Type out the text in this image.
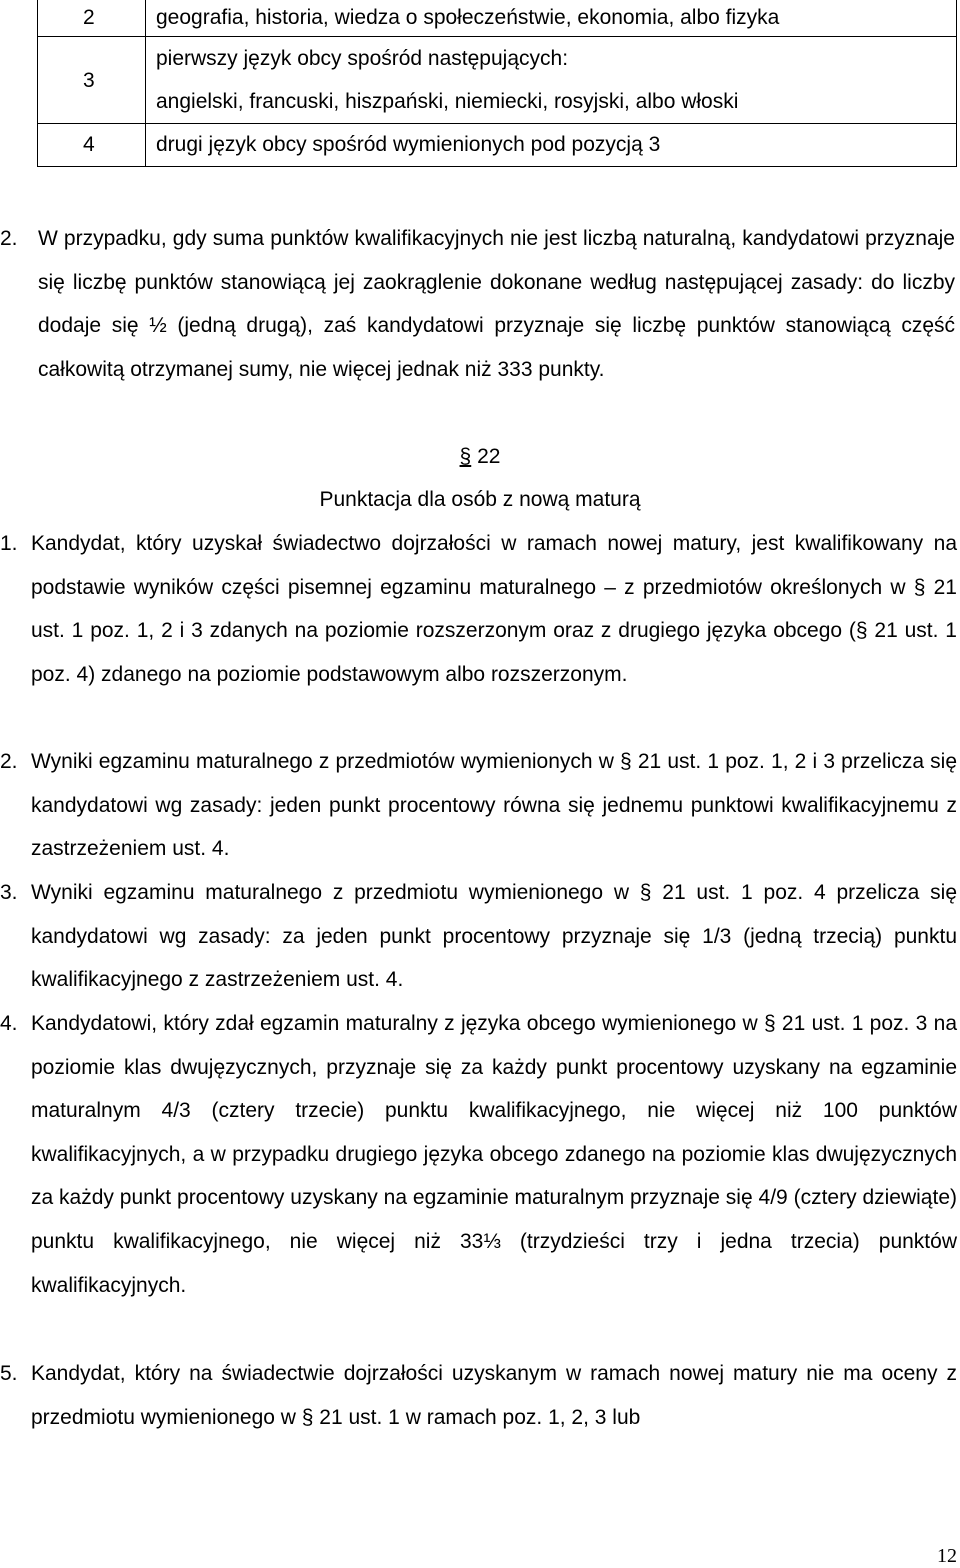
2	geografia, historia, wiedza o społeczeństwie, ekonomia, albo fizyka
3	pierwszy język obcy spośród następujących:
angielski, francuski, hiszpański, niemiecki, rosyjski, albo włoski

4	drugi język obcy spośród wymienionych pod pozycją 3

2. W przypadku, gdy suma punktów kwalifikacyjnych nie jest liczbą naturalną, kandydatowi przyznaje się liczbę punktów stanowiącą jej zaokrąglenie dokonane według następującej zasady: do liczby dodaje się ½ (jedną drugą), zaś kandydatowi przyznaje się liczbę punktów stanowiącą część całkowitą otrzymanej sumy, nie więcej jednak niż 333 punkty.

§ 22
Punktacja dla osób z nową maturą
1. Kandydat, który uzyskał świadectwo dojrzałości w ramach nowej matury, jest kwalifikowany na podstawie wyników części pisemnej egzaminu maturalnego – z przedmiotów określonych w § 21 ust. 1 poz. 1, 2 i 3 zdanych na poziomie rozszerzonym oraz z drugiego języka obcego (§ 21 ust. 1 poz. 4) zdanego na poziomie podstawowym albo rozszerzonym.
2. Wyniki egzaminu maturalnego z przedmiotów wymienionych w § 21 ust. 1 poz. 1, 2 i 3 przelicza się kandydatowi wg zasady: jeden punkt procentowy równa się jednemu punktowi kwalifikacyjnemu z zastrzeżeniem ust. 4.
3. Wyniki egzaminu maturalnego z przedmiotu wymienionego w § 21 ust. 1 poz. 4 przelicza się kandydatowi wg zasady: za jeden punkt procentowy przyznaje się 1/3 (jedną trzecią) punktu kwalifikacyjnego z zastrzeżeniem ust. 4.
4. Kandydatowi, który zdał egzamin maturalny z języka obcego wymienionego w § 21 ust. 1 poz. 3 na poziomie klas dwujęzycznych, przyznaje się za każdy punkt procentowy uzyskany na egzaminie maturalnym 4/3 (cztery trzecie) punktu kwalifikacyjnego, nie więcej niż 100 punktów kwalifikacyjnych, a w przypadku drugiego języka obcego zdanego na poziomie klas dwujęzycznych za każdy punkt procentowy uzyskany na egzaminie maturalnym przyznaje się 4/9 (cztery dziewiąte) punktu kwalifikacyjnego, nie więcej niż 33⅓ (trzydzieści trzy i jedna trzecia) punktów kwalifikacyjnych.
5. Kandydat, który na świadectwie dojrzałości uzyskanym w ramach nowej matury nie ma oceny z przedmiotu wymienionego w § 21 ust. 1 w ramach poz. 1, 2, 3 lub
12
